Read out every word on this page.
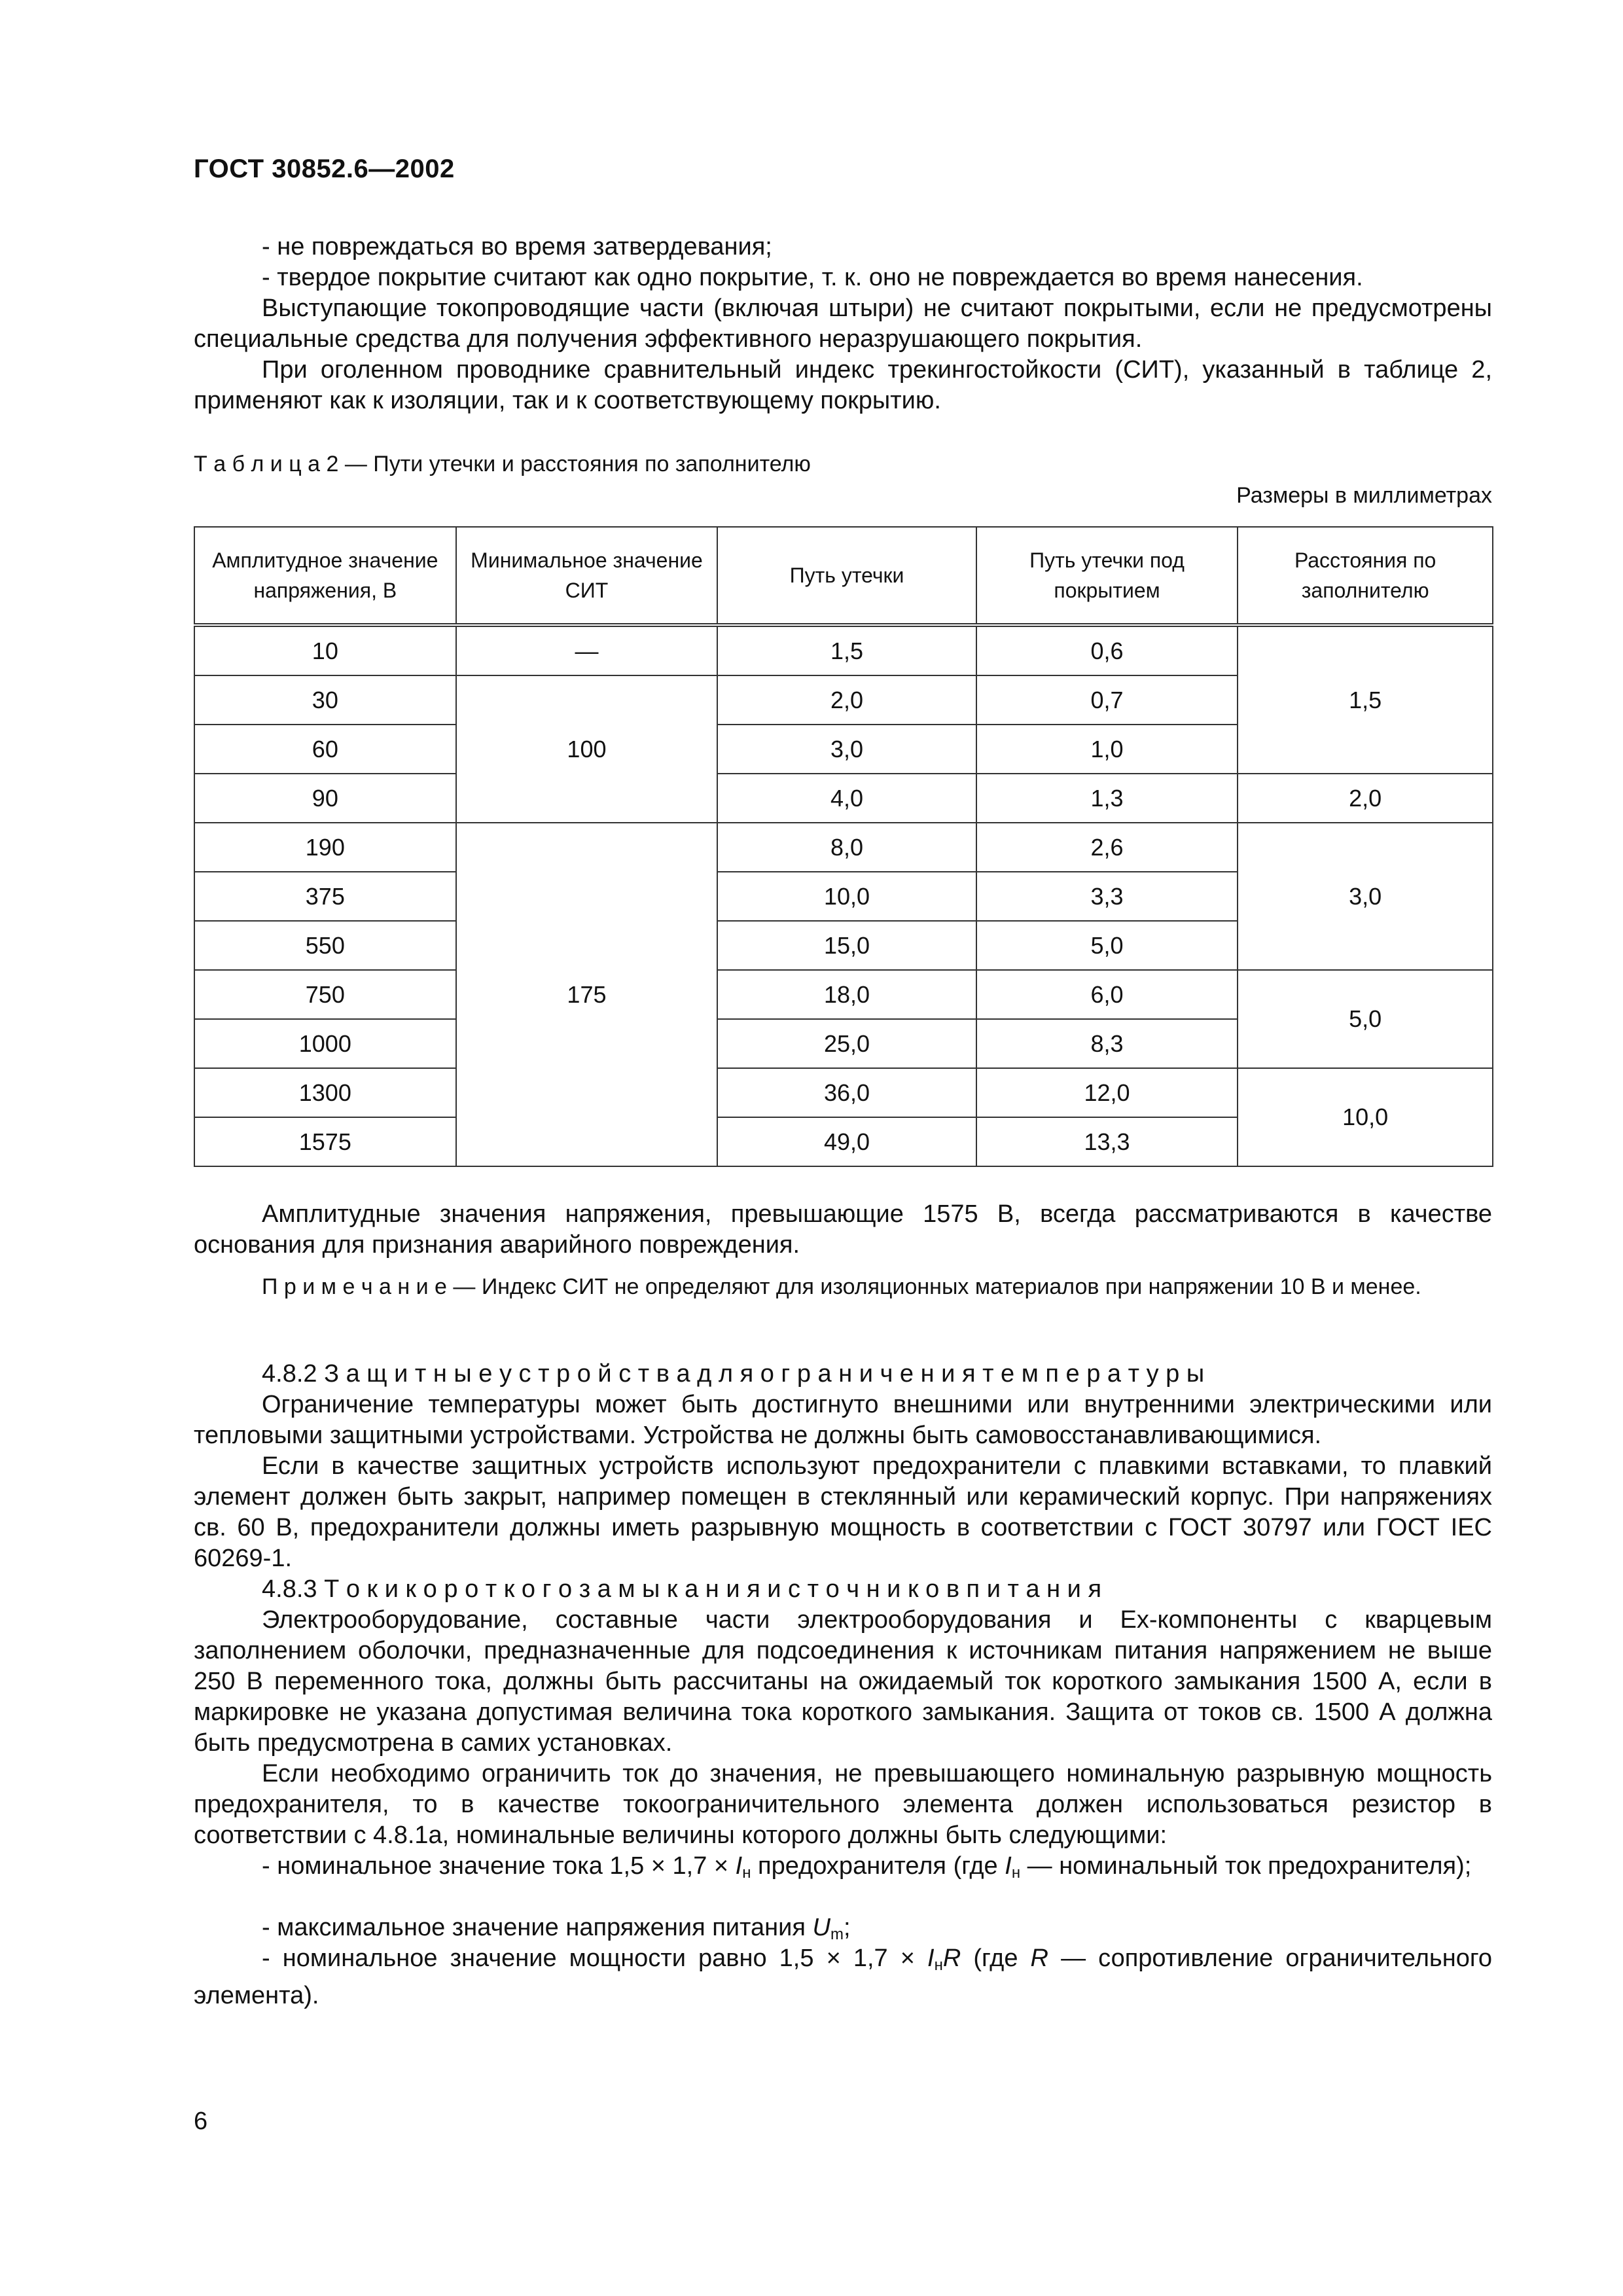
ГОСТ 30852.6—2002
- не повреждаться во время затвердевания;
- твердое покрытие считают как одно покрытие, т. к. оно не повреждается во время нанесения.
Выступающие токопроводящие части (включая штыри) не считают покрытыми, если не предусмотрены специальные средства для получения эффективного неразрушающего покрытия.
При оголенном проводнике сравнительный индекс трекингостойкости (СИТ), указанный в таблице 2, применяют как к изоляции, так и к соответствующему покрытию.
Т а б л и ц а 2 — Пути утечки и расстояния по заполнителю
Размеры в миллиметрах
Амплитудное значение напряжения, В	Минимальное значение СИТ	Путь утечки	Путь утечки под покрытием	Расстояния по заполнителю
10	—	1,5	0,6	1,5
30	100	2,0	0,7	
60		3,0	1,0	
90		4,0	1,3	2,0
190	175	8,0	2,6	3,0
375		10,0	3,3	
550		15,0	5,0	
750		18,0	6,0	5,0
1000		25,0	8,3	
1300		36,0	12,0	10,0
1575		49,0	13,3	
Амплитудные значения напряжения, превышающие 1575 В, всегда рассматриваются в качестве основания для признания аварийного повреждения.
П р и м е ч а н и е — Индекс СИТ не определяют для изоляционных материалов при напряжении 10 В и менее.
4.8.2 З а щ и т н ы е у с т р о й с т в а д л я о г р а н и ч е н и я т е м п е р а т у р ы
Ограничение температуры может быть достигнуто внешними или внутренними электрическими или тепловыми защитными устройствами. Устройства не должны быть самовосстанавливающимися.
Если в качестве защитных устройств используют предохранители с плавкими вставками, то плавкий элемент должен быть закрыт, например помещен в стеклянный или керамический корпус. При напряжениях св. 60 В, предохранители должны иметь разрывную мощность в соответствии с ГОСТ 30797 или ГОСТ IEC 60269-1.
4.8.3 Т о к и к о р о т к о г о з а м ы к а н и я и с т о ч н и к о в п и т а н и я
Электрооборудование, составные части электрооборудования и Ех-компоненты с кварцевым заполнением оболочки, предназначенные для подсоединения к источникам питания напряжением не выше 250 В переменного тока, должны быть рассчитаны на ожидаемый ток короткого замыкания 1500 А, если в маркировке не указана допустимая величина тока короткого замыкания. Защита от токов св. 1500 А должна быть предусмотрена в самих установках.
Если необходимо ограничить ток до значения, не превышающего номинальную разрывную мощность предохранителя, то в качестве токоограничительного элемента должен использоваться резистор в соответствии с 4.8.1а, номинальные величины которого должны быть следующими:
- номинальное значение тока $1,5 \times 1,7 \times I_н$ предохранителя (где $I_н$ — номинальный ток предохранителя);
- максимальное значение напряжения питания $U_m$;
- номинальное значение мощности равно $1,5 \times 1,7 \times I_нR$ (где R — сопротивление ограничительного элемента).
6
